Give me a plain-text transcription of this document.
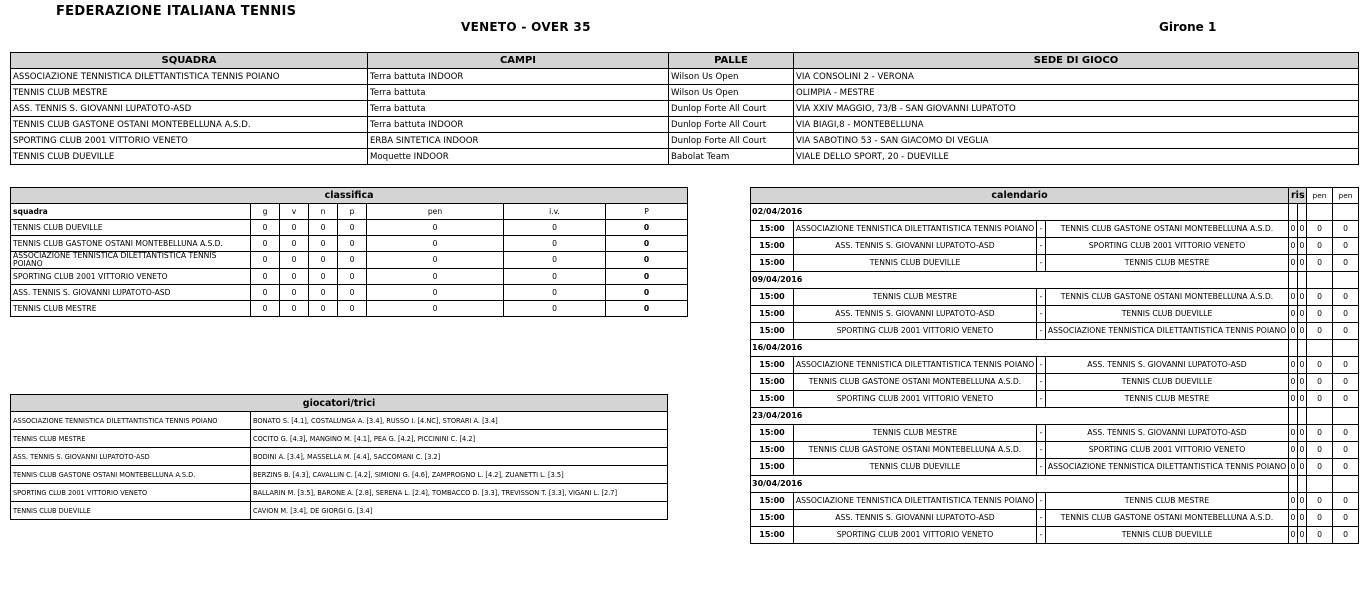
FEDERAZIONE ITALIANA TENNIS
VENETO - OVER 35	Girone 1
SQUADRA	CAMPI	PALLE	SEDE DI GIOCO
ASSOCIAZIONE TENNISTICA DILETTANTISTICA TENNIS POIANO	Terra battuta INDOOR	Wilson Us Open	VIA CONSOLINI 2 - VERONA
TENNIS CLUB MESTRE	Terra battuta	Wilson Us Open	OLIMPIA - MESTRE
ASS. TENNIS S. GIOVANNI LUPATOTO-ASD	Terra battuta	Dunlop Forte All Court	VIA XXIV MAGGIO, 73/B - SAN GIOVANNI LUPATOTO
TENNIS CLUB GASTONE OSTANI MONTEBELLUNA A.S.D.	Terra battuta INDOOR	Dunlop Forte All Court	VIA BIAGI,8 - MONTEBELLUNA
SPORTING CLUB 2001 VITTORIO VENETO	ERBA SINTETICA INDOOR	Dunlop Forte All Court	VIA SABOTINO 53 - SAN GIACOMO DI VEGLIA
TENNIS CLUB DUEVILLE	Moquette INDOOR	Babolat Team	VIALE DELLO SPORT, 20 - DUEVILLE
classifica							
squadra	g	v	n	p	pen	i.v.	P
TENNIS CLUB DUEVILLE	0	0	0	0	0	0	0
TENNIS CLUB GASTONE OSTANI MONTEBELLUNA A.S.D.	0	0	0	0	0	0	0
ASSOCIAZIONE TENNISTICA DILETTANTISTICA TENNIS POIANO	0	0	0	0	0	0	0
SPORTING CLUB 2001 VITTORIO VENETO	0	0	0	0	0	0	0
ASS. TENNIS S. GIOVANNI LUPATOTO-ASD	0	0	0	0	0	0	0
TENNIS CLUB MESTRE	0	0	0	0	0	0	0
giocatori/trici	
ASSOCIAZIONE TENNISTICA DILETTANTISTICA TENNIS POIANO	BONATO S. [4.1], COSTALUNGA A. [3.4], RUSSO I. [4.NC], STORARI A. [3.4]
TENNIS CLUB MESTRE	COCITO G. [4.3], MANGINO M. [4.1], PEA G. [4.2], PICCININI C. [4.2]
ASS. TENNIS S. GIOVANNI LUPATOTO-ASD	BODINI A. [3.4], MASSELLA M. [4.4], SACCOMANI C. [3.2]
TENNIS CLUB GASTONE OSTANI MONTEBELLUNA A.S.D.	BERZINS B. [4.3], CAVALLIN C. [4.2], SIMIONI G. [4.6], ZAMPROGNO L. [4.2], ZUANETTI L. [3.5]
SPORTING CLUB 2001 VITTORIO VENETO	BALLARIN M. [3.5], BARONE A. [2.8], SERENA L. [2.4], TOMBACCO D. [3.3], TREVISSON T. [3.3], VIGANI L. [2.7]
TENNIS CLUB DUEVILLE	CAVION M. [3.4], DE GIORGI G. [3.4]
calendario				ris		pen	pen
02/04/2016							
15:00	ASSOCIAZIONE TENNISTICA DILETTANTISTICA TENNIS POIANO	-	TENNIS CLUB GASTONE OSTANI MONTEBELLUNA A.S.D.	0	0	0	0
15:00	ASS. TENNIS S. GIOVANNI LUPATOTO-ASD	-	SPORTING CLUB 2001 VITTORIO VENETO	0	0	0	0
15:00	TENNIS CLUB DUEVILLE	-	TENNIS CLUB MESTRE	0	0	0	0
09/04/2016							
15:00	TENNIS CLUB MESTRE	-	TENNIS CLUB GASTONE OSTANI MONTEBELLUNA A.S.D.	0	0	0	0
15:00	ASS. TENNIS S. GIOVANNI LUPATOTO-ASD	-	TENNIS CLUB DUEVILLE	0	0	0	0
15:00	SPORTING CLUB 2001 VITTORIO VENETO	-	ASSOCIAZIONE TENNISTICA DILETTANTISTICA TENNIS POIANO	0	0	0	0
16/04/2016							
15:00	ASSOCIAZIONE TENNISTICA DILETTANTISTICA TENNIS POIANO	-	ASS. TENNIS S. GIOVANNI LUPATOTO-ASD	0	0	0	0
15:00	TENNIS CLUB GASTONE OSTANI MONTEBELLUNA A.S.D.	-	TENNIS CLUB DUEVILLE	0	0	0	0
15:00	SPORTING CLUB 2001 VITTORIO VENETO	-	TENNIS CLUB MESTRE	0	0	0	0
23/04/2016							
15:00	TENNIS CLUB MESTRE	-	ASS. TENNIS S. GIOVANNI LUPATOTO-ASD	0	0	0	0
15:00	TENNIS CLUB GASTONE OSTANI MONTEBELLUNA A.S.D.	-	SPORTING CLUB 2001 VITTORIO VENETO	0	0	0	0
15:00	TENNIS CLUB DUEVILLE	-	ASSOCIAZIONE TENNISTICA DILETTANTISTICA TENNIS POIANO	0	0	0	0
30/04/2016							
15:00	ASSOCIAZIONE TENNISTICA DILETTANTISTICA TENNIS POIANO	-	TENNIS CLUB MESTRE	0	0	0	0
15:00	ASS. TENNIS S. GIOVANNI LUPATOTO-ASD	-	TENNIS CLUB GASTONE OSTANI MONTEBELLUNA A.S.D.	0	0	0	0
15:00	SPORTING CLUB 2001 VITTORIO VENETO	-	TENNIS CLUB DUEVILLE	0	0	0	0
